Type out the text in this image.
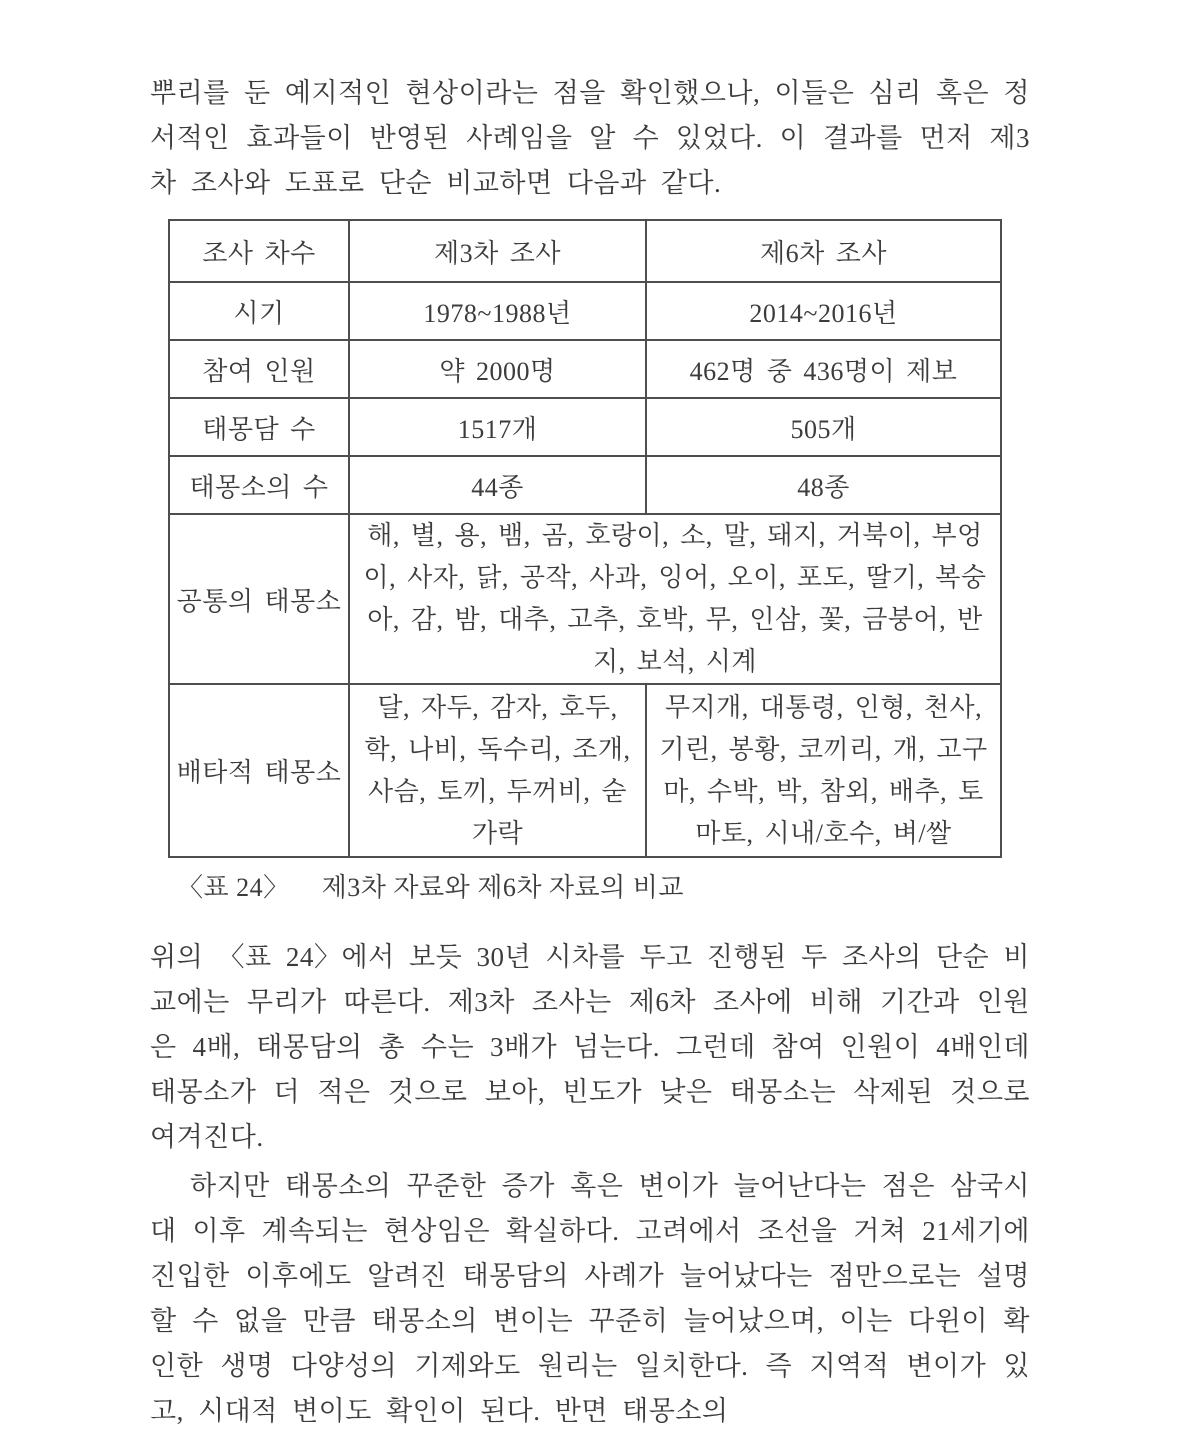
뿌리를 둔 예지적인 현상이라는 점을 확인했으나, 이들은 심리 혹은 정서적인 효과들이 반영된 사례임을 알 수 있었다. 이 결과를 먼저 제3차 조사와 도표로 단순 비교하면 다음과 같다.

조사 차수	제3차 조사	제6차 조사
시기	1978~1988년	2014~2016년
참여 인원	약 2000명	462명 중 436명이 제보
태몽담 수	1517개	505개
태몽소의 수	44종	48종
공통의 태몽소	해, 별, 용, 뱀, 곰, 호랑이, 소, 말, 돼지, 거북이, 부엉이, 사자, 닭, 공작, 사과, 잉어, 오이, 포도, 딸기, 복숭아, 감, 밤, 대추, 고추, 호박, 무, 인삼, 꽃, 금붕어, 반지, 보석, 시계	
배타적 태몽소	달, 자두, 감자, 호두, 학, 나비, 독수리, 조개, 사슴, 토끼, 두꺼비, 숟가락	무지개, 대통령, 인형, 천사, 기린, 봉황, 코끼리, 개, 고구마, 수박, 박, 참외, 배추, 토마토, 시내/호수, 벼/쌀

〈표 24〉 제3차 자료와 제6차 자료의 비교

위의 〈표 24〉에서 보듯 30년 시차를 두고 진행된 두 조사의 단순 비교에는 무리가 따른다. 제3차 조사는 제6차 조사에 비해 기간과 인원은 4배, 태몽담의 총 수는 3배가 넘는다. 그런데 참여 인원이 4배인데 태몽소가 더 적은 것으로 보아, 빈도가 낮은 태몽소는 삭제된 것으로 여겨진다.

하지만 태몽소의 꾸준한 증가 혹은 변이가 늘어난다는 점은 삼국시대 이후 계속되는 현상임은 확실하다. 고려에서 조선을 거쳐 21세기에 진입한 이후에도 알려진 태몽담의 사례가 늘어났다는 점만으로는 설명할 수 없을 만큼 태몽소의 변이는 꾸준히 늘어났으며, 이는 다윈이 확인한 생명 다양성의 기제와도 원리는 일치한다. 즉 지역적 변이가 있고, 시대적 변이도 확인이 된다. 반면 태몽소의
